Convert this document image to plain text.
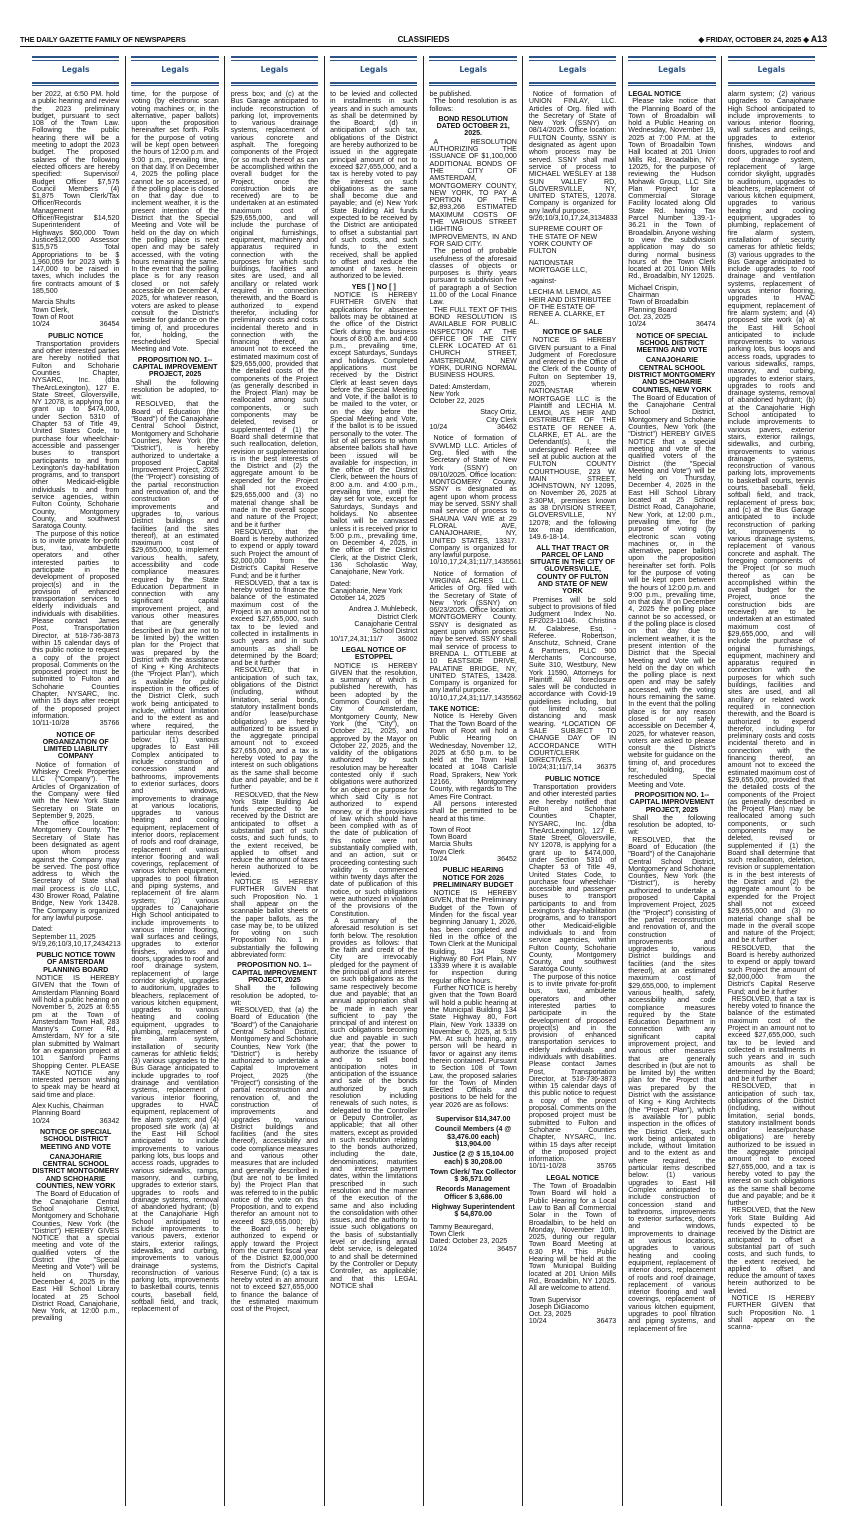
THE DAILY GAZETTE FAMILY OF NEWSPAPERS	CLASSIFIEDS	◆ FRIDAY, OCTOBER 24, 2025 ◆ A13
Legals
ber 2022, at 6:50 PM. hold a public hearing and review the 2023 preliminary budget, pursuant to sect 108 of the Town Law. Following the public hearing there will be a meeting to adopt the 2023 budget. The proposed salaries of the following elected officers are hereby specified: Supervisor/ Budget Officer $7,575 Council Members (4) $1,875 Town Clerk/Tax Officer/Records Management Officer/Registrar $14,520 Superintendent of Highways $60,000 Town Justice$12,000 Assessor $15,575 Total Appropriations to be $ 1,960,059 for 2023 with $ 147,000 to be raised in taxes, which includes the fire contracts amount of $ 185,500
Marcia Shults
Town Clerk,
Town of Root
10/24	36454
PUBLIC NOTICE
Transportation providers and other interested parties are hereby notified that Fulton and Schoharie Counties Chapter, NYSARC, Inc. (dba TheArcLexington), 127 E. State Street, Gloversville, NY 12078, is applying for a grant up to $474,000, under Section 5310 of Chapter 53 of Title 49, United States Code, to purchase four wheelchair-accessible and passenger buses to transport participants to and from Lexington's day-habilitation programs, and to transport other Medicaid-eligible individuals to and from service agencies, within Fulton County, Schoharie County, Montgomery County, and southwest Saratoga County.
The purpose of this notice is to invite private for-profit bus, taxi, ambulette operators and other interested parties to participate in the development of proposed project(s) and in the provision of enhanced transportation services to elderly individuals and individuals with disabilities. Please contact James Post, Transportation Director, at 518-736-3873 within 15 calendar days of this public notice to request a copy of the project proposal. Comments on the proposed project must be submitted to Fulton and Schoharie Counties Chapter, NYSARC, Inc. within 15 days after receipt of the proposed project information.
10/11-10/28	35766
NOTICE OF ORGANIZATION OF LIMITED LIABILITY COMPANY
Notice of formation of Whiskey Creek Properties LLC ("Company"). The Articles of Organization of the Company were filed with the New York State Secretary on State on September 9, 2025.
The office location: Montgomery County. The Secretary of State has been designated as agent upon whom process against the Company may be served. The post office address to which the Secretary of State shall mail process is c/o LLC, 430 Brower Road, Palatine Bridge, New York 13428. The Company is organized for any lawful purpose.
Dated:
September 11, 2025
9/19,26;10/3,10,17,24 34213
PUBLIC NOTICE TOWN OF AMSTERDAM PLANNING BOARD
NOTICE IS HEREBY GIVEN that the Town of Amsterdam Planning Board will hold a public hearing on November 5, 2025 at 6:55 pm at the Town of Amsterdam Town Hall, 283 Manny's Corner Rd., Amsterdam, NY for a site plan submitted by Walmart for an expansion project at 101 Sanford Farms Shopping Center. PLEASE TAKE NOTICE any interested person wishing to speak may be heard at said time and place.
Alex Kuchis, Chairman
Planning Board
10/24	36342
NOTICE OF SPECIAL SCHOOL DISTRICT MEETING AND VOTE
CANAJOHARIE CENTRAL SCHOOL DISTRICT MONTGOMERY AND SCHOHARIE COUNTIES, NEW YORK
The Board of Education of the Canajoharie Central School District, Montgomery and Schoharie Counties, New York (the "District") HEREBY GIVES NOTICE that a special meeting and vote of the qualified voters of the District (the "Special Meeting and Vote") will be held on Thursday, December 4, 2025 in the East Hill School Library located at 25 School District Road, Canajoharie, New York, at 12:00 p.m., prevailing
Legals
time, for the purpose of voting (by electronic scan voting machines or, in the alternative, paper ballots) upon the proposition hereinafter set forth. Polls for the purpose of voting will be kept open between the hours of 12:00 p.m. and 9:00 p.m., prevailing time, on that day. If on December 4, 2025 the polling place cannot be so accessed, or if the polling place is closed on that day due to inclement weather, it is the present intention of the District that the Special Meeting and Vote will be held on the day on which the polling place is next open and may be safely accessed, with the voting hours remaining the same. In the event that the polling place is for any reason closed or not safely accessible on December 4, 2025, for whatever reason, voters are asked to please consult the District's website for guidance on the timing of, and procedures for, holding, the rescheduled Special Meeting and Vote.
PROPOSITION NO. 1--CAPITAL IMPROVEMENT PROJECT, 2025
Shall the following resolution be adopted, to-wit:
RESOLVED, that the Board of Education (the "Board") of the Canajoharie Central School District, Montgomery and Schoharie Counties, New York (the "District"), is hereby authorized to undertake a proposed Capital Improvement Project, 2025 (the "Project") consisting of the partial reconstruction and renovation of, and the construction of improvements and upgrades to, various District buildings and facilities (and the sites thereof), at an estimated maximum cost of $29,655,000, to implement various health, safety, accessibility and code compliance measures required by the State Education Department in connection with any significant capital improvement project, and various other measures that are generally described in (but are not to be limited by) the written plan for the Project that was prepared by the District with the assistance of King + King Architects (the "Project Plan"), which is available for public inspection in the offices of the District Clerk, such work being anticipated to include, without limitation and to the extent as and where required, the particular items described below: (1) various upgrades to East Hill Complex anticipated to include construction of concession stand and bathrooms, improvements to exterior surfaces, doors and windows, improvements to drainage at various locations, upgrades to various heating and cooling equipment, replacement of interior doors, replacement of roofs and roof drainage, replacement of various interior flooring and wall coverings, replacement of various kitchen equipment, upgrades to pool filtration and piping systems, and replacement of fire alarm system; (2) various upgrades to Canajoharie High School anticipated to include improvements to various interior flooring, wall surfaces and ceilings, upgrades to exterior finishes, windows and doors, upgrades to roof and roof drainage system, replacement of large corridor skylight, upgrades to auditorium, upgrades to bleachers, replacement of various kitchen equipment, upgrades to various heating and cooling equipment, upgrades to plumbing, replacement of fire alarm system, installation of security cameras for athletic fields; (3) various upgrades to the Bus Garage anticipated to include upgrades to roof drainage and ventilation systems, replacement of various interior flooring, upgrades to HVAC equipment, replacement of fire alarm system; and (4) proposed site work (a) at the East Hill School anticipated to include improvements to various parking lots, bus loops and access roads, upgrades to various sidewalks, ramps, masonry, and curbing, upgrades to exterior stairs, upgrades to roofs and drainage systems, removal of abandoned hydrant; (b) at the Canajoharie High School anticipated to include improvements to various pavers, exterior stairs, exterior railings, sidewalks, and curbing, improvements to various drainage systems, reconstruction of various parking lots, improvements to basketball courts, tennis courts, baseball field, softball field, and track, replacement of
Legals
press box; and (c) at the Bus Garage anticipated to include reconstruction of parking lot, improvements to various drainage systems, replacement of various concrete and asphalt. The foregoing components of the Project (or so much thereof as can be accomplished within the overall budget for the Project, once the construction bids are received) are to be undertaken at an estimated maximum cost of $29,655,000, and will include the purchase of original furnishings, equipment, machinery and apparatus required in connection with the purposes for which such buildings, facilities and sites are used, and all ancillary or related work required in connection therewith, and the Board is authorized to expend therefor, including for preliminary costs and costs incidental thereto and in connection with the financing thereof, an amount not to exceed the estimated maximum cost of $29,655,000, provided that the detailed costs of the components of the Project (as generally described in the Project Plan) may be reallocated among such components, or such components may be deleted, revised or supplemented if (1) the Board shall determine that such reallocation, deletion, revision or supplementation is in the best interests of the District and (2) the aggregate amount to be expended for the Project shall not exceed $29,655,000 and (3) no material change shall be made in the overall scope and nature of the Project; and be it further
RESOLVED, that the Board is hereby authorized to expend or apply toward such Project the amount of $2,000,000 from the District's Capital Reserve Fund; and be it further
RESOLVED, that a tax is hereby voted to finance the balance of the estimated maximum cost of the Project in an amount not to exceed $27,655,000, such tax to be levied and collected in installments in such years and in such amounts as shall be determined by the Board; and be it further
RESOLVED, that in anticipation of such tax, obligations of the District (including, without limitation, serial bonds, statutory installment bonds and/or lease/purchase obligations) are hereby authorized to be issued in the aggregate principal amount not to exceed $27,655,000, and a tax is hereby voted to pay the interest on such obligations as the same shall become due and payable; and be it further
RESOLVED, that the New York State Building Aid funds expected to be received by the District are anticipated to offset a substantial part of such costs, and such funds, to the extent received, be applied to offset and reduce the amount of taxes herein authorized to be levied.
NOTICE IS HEREBY FURTHER GIVEN that such Proposition No. 1 shall appear on the scannable ballot sheets or the paper ballots, as the case may be, to be utilized for voting on such Proposition No. 1 in substantially the following abbreviated form:
PROPOSITION NO. 1--CAPITAL IMPROVEMENT PROJECT, 2025
Shall the following resolution be adopted, to-wit:
RESOLVED, that (a) the Board of Education (the "Board") of the Canajoharie Central School District, Montgomery and Schoharie Counties, New York (the "District") is hereby authorized to undertake a Capital Improvement Project, 2025 (the "Project") consisting of the partial reconstruction and renovation of, and the construction of improvements and upgrades to, various District buildings and facilities (and the sites thereof), accessibility and code compliance measures and various other measures that are included and generally described in (but are not to be limited by) the Project Plan that was referred to in the public notice of the vote on this Proposition, and to expend therefor an amount not to exceed $29,655,000; (b) the Board is hereby authorized to expend or apply toward the Project from the current fiscal year of the District $2,000,000 from the District's Capital Reserve Fund; (c) a tax is hereby voted in an amount not to exceed $27,655,000 to finance the balance of the estimated maximum cost of the Project,
Legals
to be levied and collected in installments in such years and in such amounts as shall be determined by the Board; (d) in anticipation of such tax, obligations of the District are hereby authorized to be issued in the aggregate principal amount of not to exceed $27,655,000, and a tax is hereby voted to pay the interest on such obligations as the same shall become due and payable; and (e) New York State Building Aid funds expected to be received by the District are anticipated to offset a substantial part of such costs, and such funds, to the extent received, shall be applied to offset and reduce the amount of taxes herein authorized to be levied.
YES [ ] NO [ ]
NOTICE IS HEREBY FURTHER GIVEN that applications for absentee ballots may be obtained at the office of the District Clerk during the business hours of 8:00 a.m. and 4:00 p.m., prevailing time, except Saturdays, Sundays and holidays. Completed applications must be received by the District Clerk at least seven days before the Special Meeting and Vote, if the ballot is to be mailed to the voter, or on the day before the Special Meeting and Vote, if the ballot is to be issued personally to the voter. The list of all persons to whom absentee ballots shall have been issued will be available for inspection, in the office of the District Clerk, between the hours of 8:00 a.m. and 4:00 p.m., prevailing time, until the day set for vote, except for Saturdays, Sundays and holidays. No absentee ballot will be canvassed unless it is received prior to 5:00 p.m., prevailing time, on December 4, 2025, in the office of the District Clerk, at the District Clerk, 136 Scholastic Way, Canajoharie, New York.
Dated:
Canajoharie, New York
October 14, 2025
Andrea J. Muhlebeck,
District Clerk
Canajoharie Central
School District
10/17,24,31;11/7 36002
LEGAL NOTICE OF ESTOPPEL
NOTICE IS HEREBY GIVEN that the resolution, a summary of which is published herewith, has been adopted by the Common Council of the City of Amsterdam, Montgomery County, New York (the "City"), on October 21, 2025, and approved by the Mayor on October 22, 2025, and the validity of the obligations authorized by such resolution may be hereafter contested only if such obligations were authorized for an object or purpose for which said City is not authorized to expend money, or if the provisions of law which should have been complied with as of the date of publication of this notice were not substantially complied with, and an action, suit or proceeding contesting such validity is commenced within twenty days after the date of publication of this notice, or such obligations were authorized in violation of the provisions of the Constitution.
A summary of the aforesaid resolution is set forth below. The resolution provides as follows: that the faith and credit of the City are irrevocably pledged for the payment of the principal of and interest on such obligations as the same respectively become due and payable; that an annual appropriation shall be made in each year sufficient to pay the principal of and interest on such obligations becoming due and payable in such year; that the power to authorize the issuance of and to sell bond anticipation notes in anticipation of the issuance and sale of the bonds authorized by such resolution including renewals of such notes, is delegated to the Controller or Deputy Controller, as applicable; that all other matters, except as provided in such resolution relating to the bonds authorized, including the date, denominations, maturities and interest payment dates, within the limitations prescribed in such resolution and the manner of the execution of the same and also including the consolidation with other issues, and the authority to issue such obligations on the basis of substantially level or declining annual debt service, is delegated to and shall be determined by the Controller or Deputy Controller, as applicable; and that this LEGAL NOTICE shall
Legals
be published.
The bond resolution is as follows:
BOND RESOLUTION DATED OCTOBER 21, 2025.
A RESOLUTION AUTHORIZING THE ISSUANCE OF $1,100,000 ADDITIONAL BONDS OF THE CITY OF AMSTERDAM, MONTGOMERY COUNTY, NEW YORK, TO PAY A PORTION OF THE $2,893,266 ESTIMATED MAXIMUM COSTS OF THE VARIOUS STREET LIGHTING IMPROVEMENTS, IN AND FOR SAID CITY.
The period of probable usefulness of the aforesaid classes of objects or purposes is thirty years pursuant to subdivision five of paragraph a of Section 11.00 of the Local Finance Law.
THE FULL TEXT OF THIS BOND RESOLUTION IS AVAILABLE FOR PUBLIC INSPECTION AT THE OFFICE OF THE CITY CLERK LOCATED AT 61 CHURCH STREET, AMSTERDAM, NEW YORK, DURING NORMAL BUSINESS HOURS.
Dated: Amsterdam,
New York
October 22, 2025
Stacy Ortiz,
City Clerk
10/24	36462
Notice of formation of SVWLMD LLC. Articles of Org. filed with the Secretary of State of New York (SSNY) on 09/10/2025. Office location: MONTGOMERY County. SSNY is designated as agent upon whom process may be served. SSNY shall mail service of process to SHAUNA VAN WIE at 29 FLORAL AVE, CANAJOHARIE, NY, UNITED STATES, 13317. Company is organized for any lawful purpose.
10/10,17,24,31;11/7,14 35561
Notice of formation of VIRGINIA ACRES LLC. Articles of Org. filed with the Secretary of State of New York (SSNY) on 06/23/2025. Office location: MONTGOMERY County. SSNY is designated as agent upon whom process may be served. SSNY shall mail service of process to BRENDA L. OTTLEBE at 10 EASTSIDE DRIVE, PALATINE BRIDGE, NY, UNITED STATES, 13428. Company is organized for any lawful purpose.
10/10,17,24,31;11/7,14 35562
TAKE NOTICE:
Notice Is Hereby Given That the Town Board of the Town of Root will hold a Public Hearing on Wednesday, November 12, 2025 at 6:50 p.m. to be held at the Town Hall located at 1048 Carlisle Road, Sprakers, New York 12166, Montgomery County, with regards to The Ames Fire Contract.
All persons interested shall be permitted to be heard at this time.
Town of Root
Town Board
Marcia Shults
Town Clerk
10/24	36452
PUBLIC HEARING NOTICE FOR 2026 PRELIMINARY BUDGET
NOTICE IS HEREBY GIVEN, that the Preliminary Budget of the Town of Minden for the fiscal year beginning January 1, 2026, has been completed and filed in the office of the Town Clerk at the Municipal Building, 134 State Highway 80 Fort Plain, NY 13339 where it is available for inspection during regular office hours.
Further NOTICE is hereby given that the Town Board will hold a public hearing at the Municipal Building 134 State Highway 80, Fort Plain, New York 13339 on November 6, 2025, at 5:15 PM. At such hearing, any person will be heard in favor or against any items therein contained. Pursuant to Section 108 of Town Law, the proposed salaries for the Town of Minden Elected Officials and positions to be held for the year 2026 are as follows:
Supervisor $14,347.00
Council Members (4 @ $3,476.00 each) $13,904.00
Justice (2 @ $ 15,104.00 each) $ 30,208.00
Town Clerk/ Tax Collector $ 36,571.00
Records Management Officer $ 3,686.00
Highway Superintendent $ 54,870.00
Tammy Beauregard,
Town Clerk
Dated: October 23, 2025
10/24	36457
Legals
Notice of formation of UNION FINLAY, LLC. Articles of Org. filed with the Secretary of State of New York (SSNY) on 08/14/2025. Office location: FULTON County, SSNY is designated as agent upon whom process may be served. SSNY shall mail service of process to MICHAEL WESLEY at 138 SUN VALLEY RD, GLOVERSVILLE, NY, UNITED STATES, 12078. Company is organized for any lawful purpose.
9/26;10/3,10,17,24,31 34833
SUPREME COURT OF THE STATE OF NEW YORK COUNTY OF FULTON
NATIONSTAR MORTGAGE LLC,
-against-
LECHIA M. LEMOI, AS HEIR AND DISTRIBUTEE OF THE ESTATE OF RENEE A. CLARKE, ET AL.
NOTICE OF SALE
NOTICE IS HEREBY GIVEN pursuant to a Final Judgment of Foreclosure and entered in the Office of the Clerk of the County of Fulton on September 19, 2025, wherein NATIONSTAR MORTGAGE LLC is the Plaintiff and LECHIA M. LEMOI, AS HEIR AND DISTRIBUTEE OF THE ESTATE OF RENEE A. CLARKE, ET AL. are the Defendant(s). I, the undersigned Referee will sell at public auction at the FULTON COUNTY COURTHOUSE, 223 W. MAIN STREET, JOHNSTOWN, NY 12095, on November 26, 2025 at 3:30PM, premises known as 38 DIVISION STREET, GLOVERSVILLE, NY 12078; and the following tax map identification, 149.6-18-14.
ALL THAT TRACT OR PARCEL OF LAND SITUATE IN THE CITY OF GLOVERSVILLE, COUNTY OF FULTON AND STATE OF NEW YORK
Premises will be sold subject to provisions of filed Judgment Index No. EF2023-11046. Christina M. Calabrese, Esq. - Referee. Robertson, Anschutz, Schneid, Crane & Partners, PLLC 900 Merchants Concourse, Suite 310, Westbury, New York 11590, Attorneys for Plaintiff. All foreclosure sales will be conducted in accordance with Covid-19 guidelines including, but not limited to, social distancing and mask wearing. *LOCATION OF SALE SUBJECT TO CHANGE DAY OF IN ACCORDANCE WITH COURT/CLERK DIRECTIVES.
10/24;31;11/7,14 36375
PUBLIC NOTICE
Transportation providers and other interested parties are hereby notified that Fulton and Schoharie Counties Chapter, NYSARC, Inc. (dba TheArcLexington), 127 E. State Street, Gloversville, NY 12078, is applying for a grant up to $474,000, under Section 5310 of Chapter 53 of Title 49, United States Code, to purchase four wheelchair-accessible and passenger buses to transport participants to and from Lexington's day-habilitation programs, and to transport other Medicaid-eligible individuals to and from service agencies, within Fulton County, Schoharie County, Montgomery County, and southwest Saratoga County.
The purpose of this notice is to invite private for-profit bus, taxi, ambulette operators and other interested parties to participate in the development of proposed project(s) and in the provision of enhanced transportation services to elderly individuals and individuals with disabilities. Please contact James Post, Transportation Director, at 518-736-3873 within 15 calendar days of this public notice to request a copy of the project proposal. Comments on the proposed project must be submitted to Fulton and Schoharie Counties Chapter, NYSARC, Inc. within 15 days after receipt of the proposed project information.
10/11-10/28	35765
LEGAL NOTICE
The Town of Broadalbin Town Board will hold a Public Hearing for a Local Law to Ban all Commercial Solar in the Town of Broadalbin, to be held on Monday, November 10th, 2025, during our regular Town Board Meeting at 6:30 P.M. This Public Hearing will be held at the Town Municipal Building located at 201 Union Mills Rd., Broadalbin, NY 12025. All are welcome to attend.
Town Supervisor
Joseph DiGiacomo
Oct. 23, 2025
10/24	36473
Legals
LEGAL NOTICE
Please take notice that the Planning Board of the Town of Broadalbin will hold a Public Hearing on Wednesday, November 19, 2025 at 7:00 P.M. at the Town of Broadalbin Town Hall located at 201 Union Mills Rd., Broadalbin, NY 12025, for the purpose of reviewing the Hudson Mohawk Group, LLC Site Plan Project for a Commercial Storage Facility located along Old State Rd. having Tax Parcel Number 139.-1-36.21 in the Town of Broadalbin. Anyone wishing to view the subdivision application may do so during normal business hours of the Town Clerk located at 201 Union Mills Rd., Broadalbin, NY 12025.
Michael Crispin,
Chairman
Town of Broadalbin
Planning Board
Oct. 23, 2025
10/24	36474
NOTICE OF SPECIAL SCHOOL DISTRICT MEETING AND VOTE
CANAJOHARIE CENTRAL SCHOOL DISTRICT MONTGOMERY AND SCHOHARIE COUNTIES, NEW YORK
The Board of Education of the Canajoharie Central School District, Montgomery and Schoharie Counties, New York (the "District") HEREBY GIVES NOTICE that a special meeting and vote of the qualified voters of the District (the "Special Meeting and Vote") will be held on Thursday, December 4, 2025 in the East Hill School Library located at 25 School District Road, Canajoharie, New York, at 12:00 p.m., prevailing time, for the purpose of voting (by electronic scan voting machines or, in the alternative, paper ballots) upon the proposition hereinafter set forth. Polls for the purpose of voting will be kept open between the hours of 12:00 p.m. and 9:00 p.m., prevailing time, on that day. If on December 4, 2025 the polling place cannot be so accessed, or if the polling place is closed on that day due to inclement weather, it is the present intention of the District that the Special Meeting and Vote will be held on the day on which the polling place is next open and may be safely accessed, with the voting hours remaining the same. In the event that the polling place is for any reason closed or not safely accessible on December 4, 2025, for whatever reason, voters are asked to please consult the District's website for guidance on the timing of, and procedures for, holding, the rescheduled Special Meeting and Vote.
PROPOSITION NO. 1--CAPITAL IMPROVEMENT PROJECT, 2025
Shall the following resolution be adopted, to-wit:
RESOLVED, that the Board of Education (the "Board") of the Canajoharie Central School District, Montgomery and Schoharie Counties, New York (the "District"), is hereby authorized to undertake a proposed Capital Improvement Project, 2025 (the "Project") consisting of the partial reconstruction and renovation of, and the construction of improvements and upgrades to, various District buildings and facilities (and the sites thereof), at an estimated maximum cost of $29,655,000, to implement various health, safety, accessibility and code compliance measures required by the State Education Department in connection with any significant capital improvement project, and various other measures that are generally described in (but are not to be limited by) the written plan for the Project that was prepared by the District with the assistance of King + King Architects (the "Project Plan"), which is available for public inspection in the offices of the District Clerk, such work being anticipated to include, without limitation and to the extent as and where required, the particular items described below: (1) various upgrades to East Hill Complex anticipated to include construction of concession stand and bathrooms, improvements to exterior surfaces, doors and windows, improvements to drainage at various locations, upgrades to various heating and cooling equipment, replacement of interior doors, replacement of roofs and roof drainage, replacement of various interior flooring and wall coverings, replacement of various kitchen equipment, upgrades to pool filtration and piping systems, and replacement of fire
Legals
alarm system; (2) various upgrades to Canajoharie High School anticipated to include improvements to various interior flooring, wall surfaces and ceilings, upgrades to exterior finishes, windows and doors, upgrades to roof and roof drainage system, replacement of large corridor skylight, upgrades to auditorium, upgrades to bleachers, replacement of various kitchen equipment, upgrades to various heating and cooling equipment, upgrades to plumbing, replacement of fire alarm system, installation of security cameras for athletic fields; (3) various upgrades to the Bus Garage anticipated to include upgrades to roof drainage and ventilation systems, replacement of various interior flooring, upgrades to HVAC equipment, replacement of fire alarm system; and (4) proposed site work (a) at the East Hill School anticipated to include improvements to various parking lots, bus loops and access roads, upgrades to various sidewalks, ramps, masonry, and curbing, upgrades to exterior stairs, upgrades to roofs and drainage systems, removal of abandoned hydrant; (b) at the Canajoharie High School anticipated to include improvements to various pavers, exterior stairs, exterior railings, sidewalks, and curbing, improvements to various drainage systems, reconstruction of various parking lots, improvements to basketball courts, tennis courts, baseball field, softball field, and track, replacement of press box; and (c) at the Bus Garage anticipated to include reconstruction of parking lot, improvements to various drainage systems, replacement of various concrete and asphalt. The foregoing components of the Project (or so much thereof as can be accomplished within the overall budget for the Project, once the construction bids are received) are to be undertaken at an estimated maximum cost of $29,655,000, and will include the purchase of original furnishings, equipment, machinery and apparatus required in connection with the purposes for which such buildings, facilities and sites are used, and all ancillary or related work required in connection therewith, and the Board is authorized to expend therefor, including for preliminary costs and costs incidental thereto and in connection with the financing thereof, an amount not to exceed the estimated maximum cost of $29,655,000, provided that the detailed costs of the components of the Project (as generally described in the Project Plan) may be reallocated among such components, or such components may be deleted, revised or supplemented if (1) the Board shall determine that such reallocation, deletion, revision or supplementation is in the best interests of the District and (2) the aggregate amount to be expended for the Project shall not exceed $29,655,000 and (3) no material change shall be made in the overall scope and nature of the Project; and be it further
RESOLVED, that the Board is hereby authorized to expend or apply toward such Project the amount of $2,000,000 from the District's Capital Reserve Fund; and be it further
RESOLVED, that a tax is hereby voted to finance the balance of the estimated maximum cost of the Project in an amount not to exceed $27,655,000, such tax to be levied and collected in installments in such years and in such amounts as shall be determined by the Board; and be it further
RESOLVED, that in anticipation of such tax, obligations of the District (including, without limitation, serial bonds, statutory installment bonds and/or lease/purchase obligations) are hereby authorized to be issued in the aggregate principal amount not to exceed $27,655,000, and a tax is hereby voted to pay the interest on such obligations as the same shall become due and payable; and be it further
RESOLVED, that the New York State Building Aid funds expected to be received by the District are anticipated to offset a substantial part of such costs, and such funds, to the extent received, be applied to offset and reduce the amount of taxes herein authorized to be levied.
NOTICE IS HEREBY FURTHER GIVEN that such Proposition No. 1 shall appear on the scanna-
